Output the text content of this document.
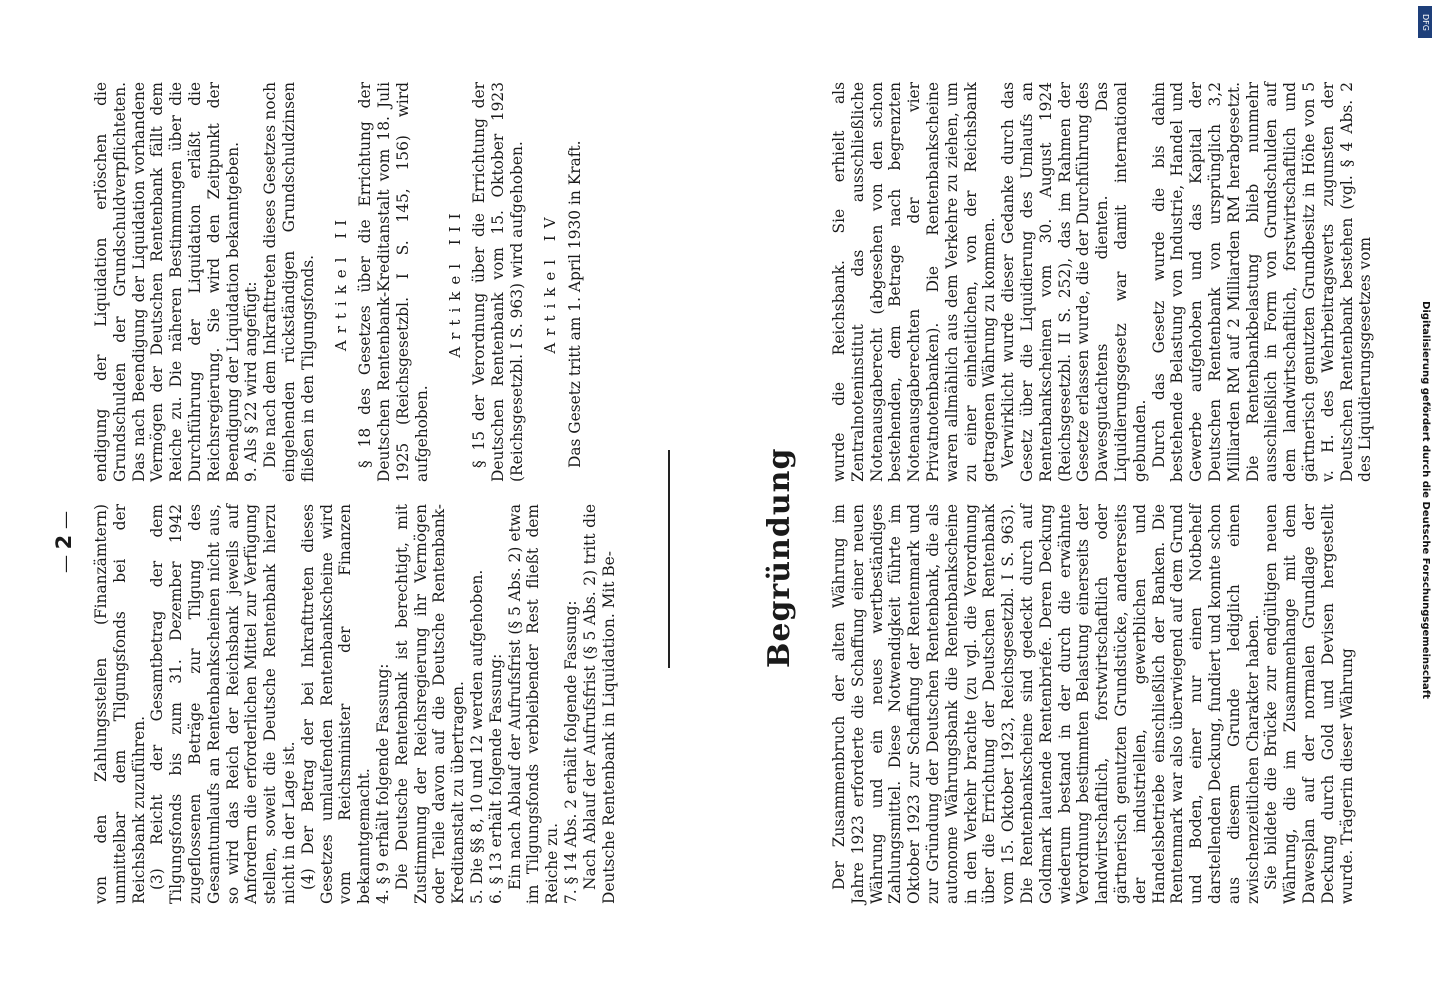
— 2 — von den Zahlungsstellen (Finanzämtern) unmittelbar dem Tilgungsfonds bei der Reichsbank zuzuführen. (3) Reicht der Gesamtbetrag der dem Tilgungsfonds bis zum 31. Dezember 1942 zugeflossenen Beträge zur Tilgung des Gesamtumlaufs an Rentenbankscheinen nicht aus, so wird das Reich der Reichsbank jeweils auf Anfordern die erforderlichen Mittel zur Verfügung stellen, soweit die Deutsche Rentenbank hierzu nicht in der Lage ist. (4) Der Betrag der bei Inkrafttreten dieses Gesetzes umlaufenden Rentenbankscheine wird vom Reichsminister der Finanzen bekanntgemacht. 4. § 9 erhält folgende Fassung: Die Deutsche Rentenbank ist berechtigt, mit Zustimmung der Reichsregierung ihr Vermögen oder Teile davon auf die Deutsche Rentenbank-Kreditanstalt zu übertragen. 5. Die §§ 8, 10 und 12 werden aufgehoben. 6. § 13 erhält folgende Fassung: Ein nach Ablauf der Aufrufsfrist (§ 5 Abs. 2) etwa im Tilgungsfonds verbleibender Rest fließt dem Reiche zu. 7. § 14 Abs. 2 erhält folgende Fassung: Nach Ablauf der Aufrufsfrist (§ 5 Abs. 2) tritt die Deutsche Rentenbank in Liquidation. Mit Be-

endigung der Liquidation erlöschen die Grundschulden der Grundschuldverpflichteten. Das nach Beendigung der Liquidation vorhandene Vermögen der Deutschen Rentenbank fällt dem Reiche zu. Die näheren Bestimmungen über die Durchführung der Liquidation erläßt die Reichsregierung. Sie wird den Zeitpunkt der Beendigung der Liquidation bekanntgeben. 9. Als § 22 wird angefügt: Die nach dem Inkrafttreten dieses Gesetzes noch eingehenden rückständigen Grundschuldzinsen fließen in den Tilgungsfonds. Artikel II § 18 des Gesetzes über die Errichtung der Deutschen Rentenbank-Kreditanstalt vom 18. Juli 1925 (Reichsgesetzbl. I S. 145, 156) wird aufgehoben.

Artikel III § 15 der Verordnung über die Errichtung der Deutschen Rentenbank vom 15. Oktober 1923 (Reichsgesetzbl. I S. 963) wird aufgehoben. Artikel IV Das Gesetz tritt am 1. April 1930 in Kraft.

Begründung Der Zusammenbruch der alten Währung im Jahre 1923 erforderte die Schaffung einer neuen Währung und ein neues wertbeständiges Zahlungsmittel. Diese Notwendigkeit führte im Oktober 1923 zur Schaffung der Rentenmark und zur Gründung der Deutschen Rentenbank, die als autonome Währungsbank die Rentenbankscheine in den Verkehr brachte (zu vgl. die Verordnung über die Errichtung der Deutschen Rentenbank vom 15. Oktober 1923, Reichsgesetzbl. I S. 963). Die Rentenbankscheine sind gedeckt durch auf Goldmark lautende Rentenbriefe. Deren Deckung wiederum bestand in der durch die erwähnte Verordnung bestimmten Belastung einerseits der landwirtschaftlich, forstwirtschaftlich oder gärtnerisch genutzten Grundstücke, andererseits der industriellen, gewerblichen und Handelsbetriebe einschließlich der Banken. Die Rentenmark war also überwiegend auf dem Grund und Boden, einer nur einen Notbehelf darstellenden Deckung, fundiert und konnte schon aus diesem Grunde lediglich einen zwischenzeitlichen Charakter haben. Sie bildete die Brücke zur endgültigen neuen Währung, die im Zusammenhange mit dem Dawesplan auf der normalen Grundlage der Deckung durch Gold und Devisen hergestellt wurde. Trägerin dieser Währung

wurde die Reichsbank. Sie erhielt als Zentralnoteninstitut das ausschließliche Notenausgaberecht (abgesehen von den schon bestehenden, dem Betrage nach begrenzten Notenausgaberechten der vier Privatnotenbanken). Die Rentenbankscheine waren allmählich aus dem Verkehre zu ziehen, um zu einer einheitlichen, von der Reichsbank getragenen Währung zu kommen. Verwirklicht wurde dieser Gedanke durch das Gesetz über die Liquidierung des Umlaufs an Rentenbankscheinen vom 30. August 1924 (Reichsgesetzbl. II S. 252), das im Rahmen der Gesetze erlassen wurde, die der Durchführung des Dawesgutachtens dienten. Das Liquidierungsgesetz war damit international gebunden. Durch das Gesetz wurde die bis dahin bestehende Belastung von Industrie, Handel und Gewerbe aufgehoben und das Kapital der Deutschen Rentenbank von ursprünglich 3,2 Milliarden RM auf 2 Milliarden RM herabgesetzt. Die Rentenbankbelastung blieb nunmehr ausschließlich in Form von Grundschulden auf dem landwirtschaftlich, forstwirtschaftlich und gärtnerisch genutzten Grundbesitz in Höhe von 5 v. H. des Wehrbeitragswerts zugunsten der Deutschen Rentenbank bestehen (vgl. § 4 Abs. 2 des Liquidierungsgesetzes vom	Digitalisierung gefördert durch die Deutsche Forschungsgemeinschaft
DFG
